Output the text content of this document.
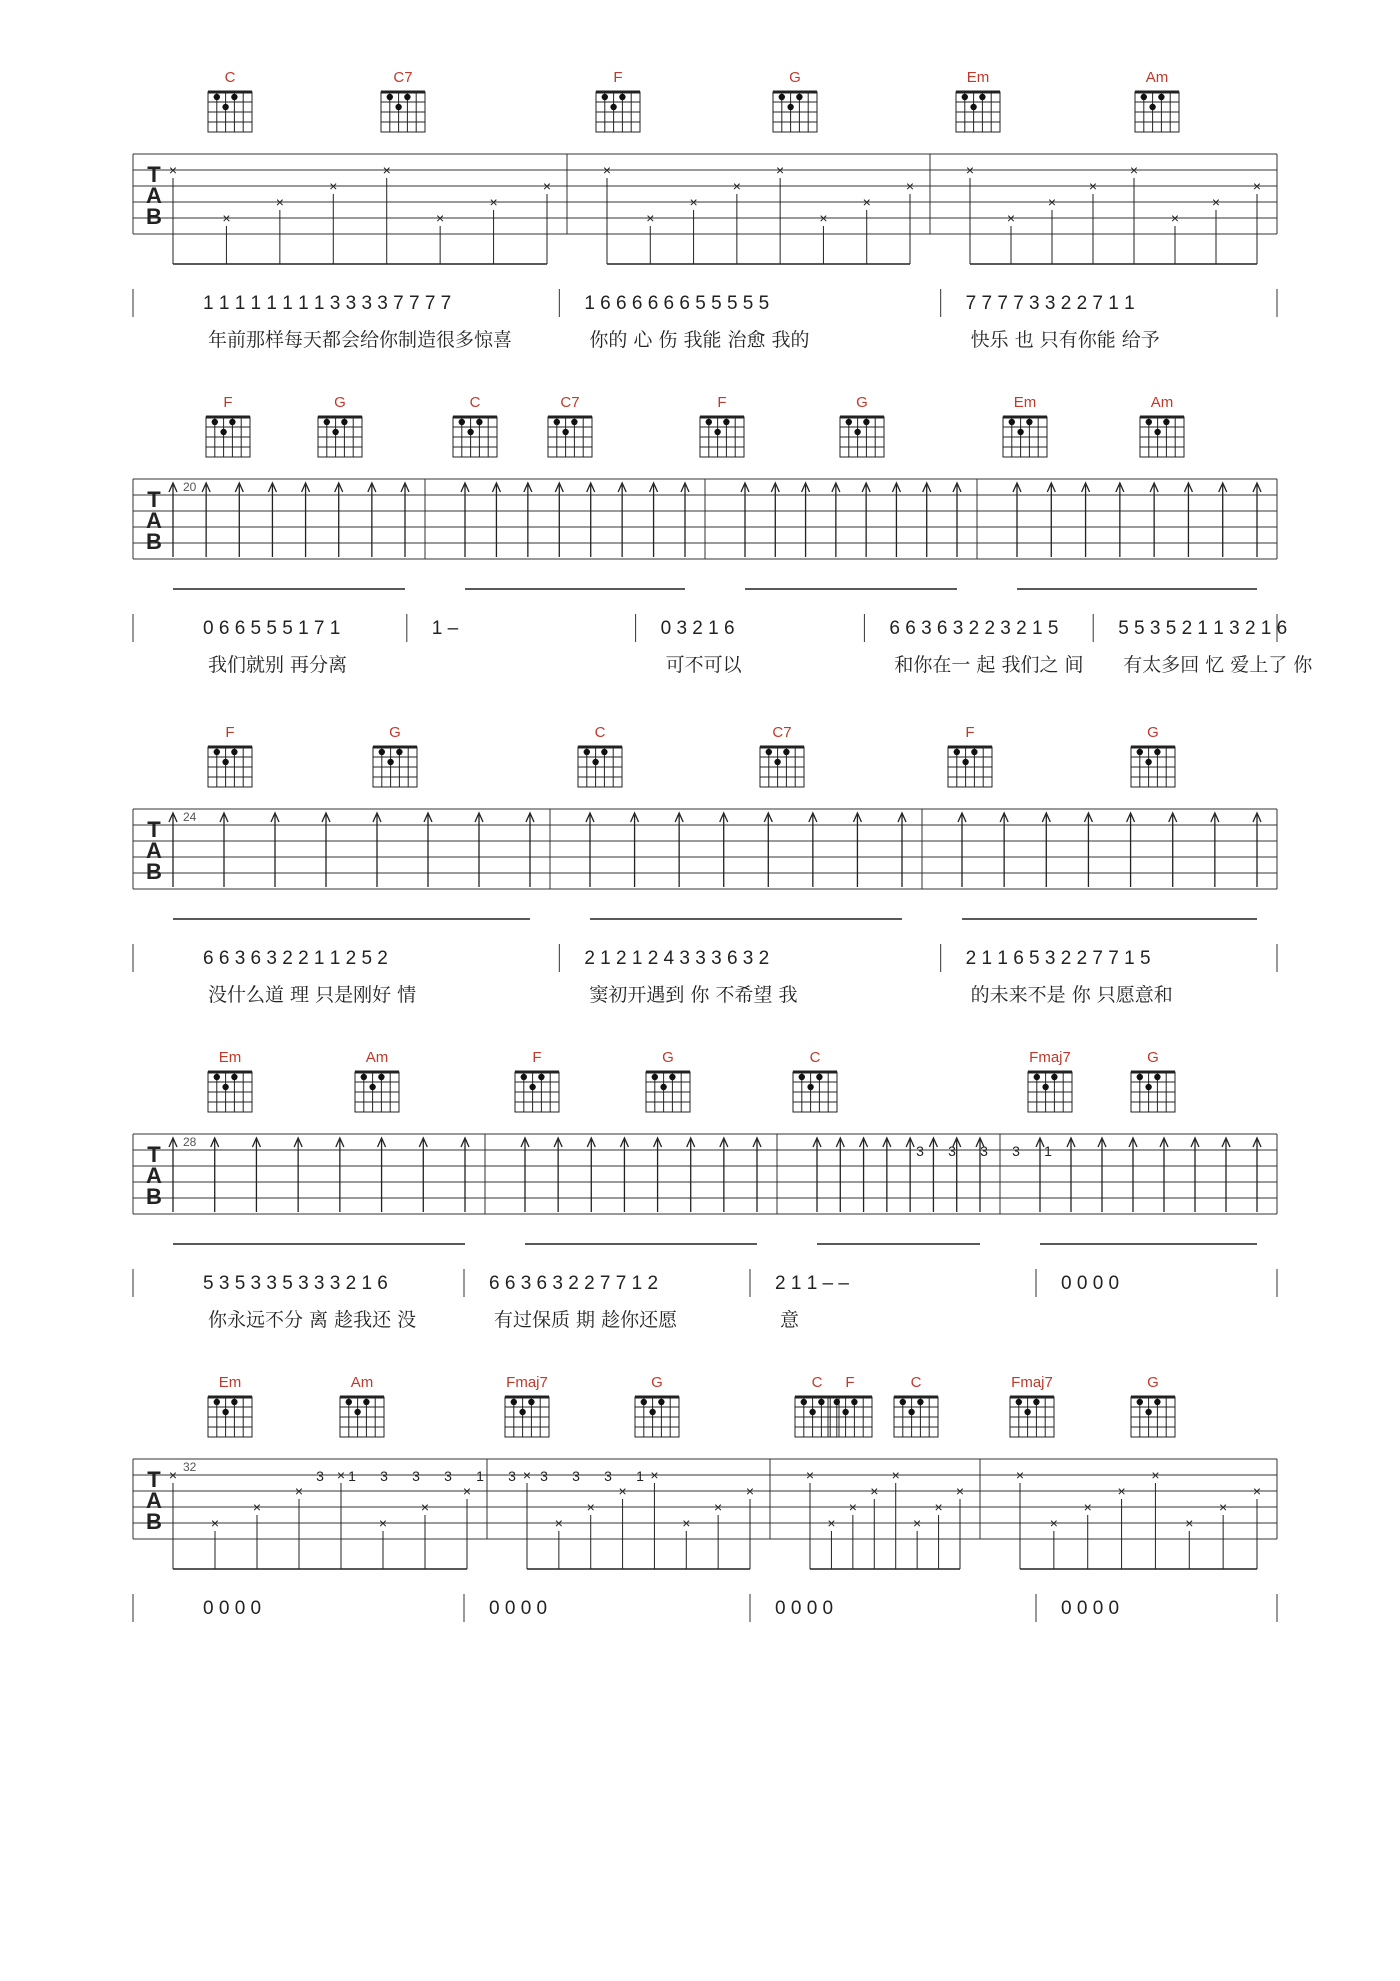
C	C7	F	G	Em	Am
T
A
B
×
×
×
×
×
×
×
×
×
×
×
×
×
×
×
×
×
×
×
×
×
×
×
×
1 1 1 1 1 1 1 1 3 3 3 3 7 7 7 7	1 6 6 6 6 6 6 5 5 5 5 5	7 7 7 7 3 3 2 2 7 1 1
年前那样每天都会给你制造很多惊喜	你的 心 伤 我能 治愈 我的	快乐 也 只有你能 给予
F	G	C	C7	F	G	Em	Am
T
A
B
20
0 6 6 5 5 5 1 7 1	1 –	0 3 2 1 6	6 6 3 6 3 2 2 3 2 1 5	5 5 3 5 2 1 1 3 2 1 6
我们就别 再分离	可不可以	和你在一 起 我们之 间 有太多回 忆 爱上了 你
F	G	C	C7	F	G
T
A
B
24
6 6 3 6 3 2 2 1 1 2 5 2	2 1 2 1 2 4 3 3 3 6 3 2	2 1 1 6 5 3 2 2 7 7 1 5
没什么道 理 只是刚好 情	窦初开遇到 你 不希望 我	的未来不是 你 只愿意和
Em	Am	F	G	C	Fmaj7	G
T
A
B
28
3 3 3 3 1
5 3 5 3 3 5 3 3 3 2 1 6	6 6 3 6 3 2 2 7 7 1 2	2 1 1 – –	0 0 0 0
你永远不分 离 趁我还 没	有过保质 期 趁你还愿	意
Em	Am	Fmaj7	G	C F	C	Fmaj7	G
T
A
B
32
×
×
×
×
×
×
×
×
×
×
×
×
×
×
×
×
×
×
×
×
×
×
×
×
×
×
×
×
×
×
×
×
3 1 3 3 3 1 3 3 3 3 1
0 0 0 0	0 0 0 0	0 0 0 0	0 0 0 0
